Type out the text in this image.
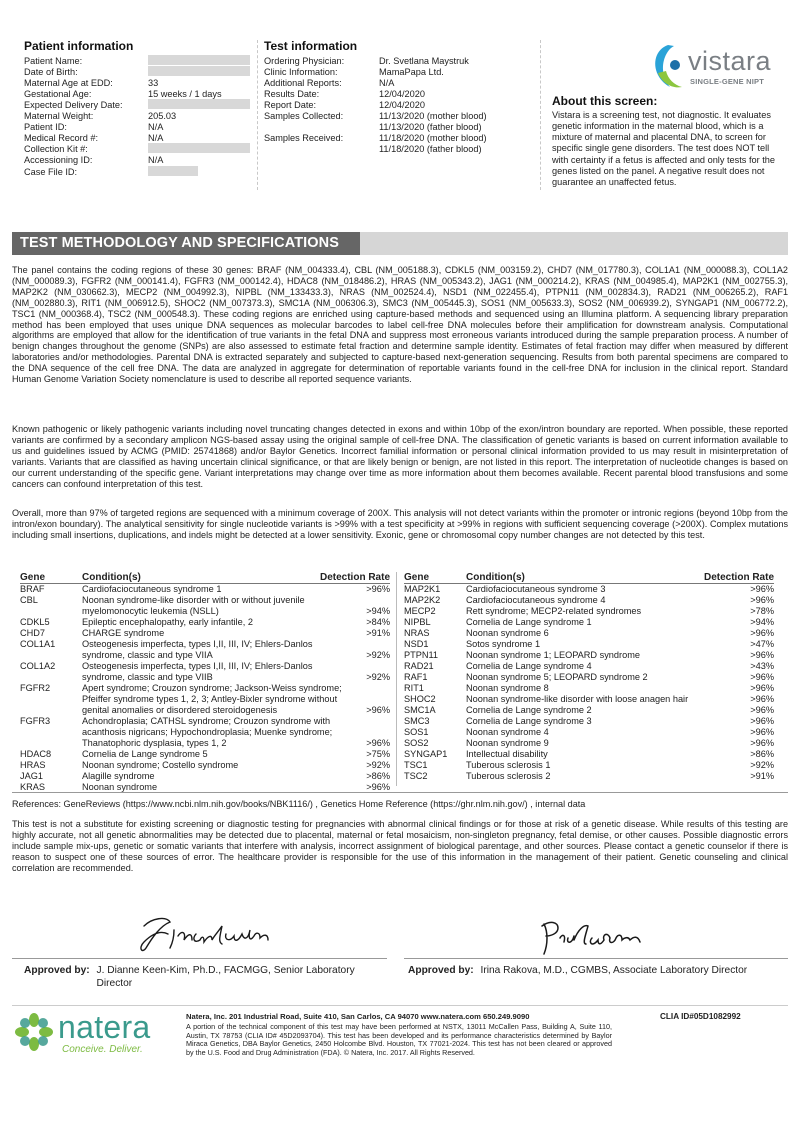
Patient information
Patient Name:
Date of Birth:
Maternal Age at EDD:	33
Gestational Age:	15 weeks / 1 days
Expected Delivery Date:
Maternal Weight:	205.03
Patient ID:	N/A
Medical Record #:	N/A
Collection Kit #:
Accessioning ID:	N/A
Case File ID:
Test information
Ordering Physician:	Dr. Svetlana Maystruk
Clinic Information:	MamaPapa Ltd.
Additional Reports:	N/A
Results Date:	12/04/2020
Report Date:	12/04/2020
Samples Collected:	11/13/2020 (mother blood)
11/13/2020 (father blood)
Samples Received:	11/18/2020 (mother blood)
11/18/2020 (father blood)
vistara
SINGLE-GENE NIPT
About this screen:
Vistara is a screening test, not diagnostic. It evaluates genetic information in the maternal blood, which is a mixture of maternal and placental DNA, to screen for specific single gene disorders. The test does NOT tell with certainty if a fetus is affected and only tests for the genes listed on the panel. A negative result does not guarantee an unaffected fetus.
TEST METHODOLOGY AND SPECIFICATIONS
The panel contains the coding regions of these 30 genes: BRAF (NM_004333.4), CBL (NM_005188.3), CDKL5 (NM_003159.2), CHD7 (NM_017780.3), COL1A1 (NM_000088.3), COL1A2 (NM_000089.3), FGFR2 (NM_000141.4), FGFR3 (NM_000142.4), HDAC8 (NM_018486.2), HRAS (NM_005343.2), JAG1 (NM_000214.2), KRAS (NM_004985.4), MAP2K1 (NM_002755.3), MAP2K2 (NM_030662.3), MECP2 (NM_004992.3), NIPBL (NM_133433.3), NRAS (NM_002524.4), NSD1 (NM_022455.4), PTPN11 (NM_002834.3), RAD21 (NM_006265.2), RAF1 (NM_002880.3), RIT1 (NM_006912.5), SHOC2 (NM_007373.3), SMC1A (NM_006306.3), SMC3 (NM_005445.3), SOS1 (NM_005633.3), SOS2 (NM_006939.2), SYNGAP1 (NM_006772.2), TSC1 (NM_000368.4), TSC2 (NM_000548.3). These coding regions are enriched using capture-based methods and sequenced using an Illumina platform. A sequencing library preparation method has been employed that uses unique DNA sequences as molecular barcodes to label cell-free DNA molecules before their amplification for downstream analysis. Computational algorithms are employed that allow for the identification of true variants in the fetal DNA and suppress most erroneous variants introduced during the sample preparation process. A number of benign changes throughout the genome (SNPs) are also assessed to estimate fetal fraction and determine sample identity. Estimates of fetal fraction may differ when measured by different laboratories and/or methodologies. Parental DNA is extracted separately and subjected to capture-based next-generation sequencing. Results from both parental specimens are compared to the DNA sequence of the cell free DNA. The data are analyzed in aggregate for determination of reportable variants found in the cell-free DNA for inclusion in the clinical report. Standard Human Genome Variation Society nomenclature is used to describe all reported sequence variants.
Known pathogenic or likely pathogenic variants including novel truncating changes detected in exons and within 10bp of the exon/intron boundary are reported. When possible, these reported variants are confirmed by a secondary amplicon NGS-based assay using the original sample of cell-free DNA. The classification of genetic variants is based on current information available to us and guidelines issued by ACMG (PMID: 25741868) and/or Baylor Genetics. Incorrect familial information or personal clinical information provided to us may result in misinterpretation of variants. Variants that are classified as having uncertain clinical significance, or that are likely benign or benign, are not listed in this report. The interpretation of nucleotide changes is based on our current understanding of the specific gene. Variant interpretations may change over time as more information about them becomes available. Recent parental blood transfusions and some cancers can confound interpretation of this test.
Overall, more than 97% of targeted regions are sequenced with a minimum coverage of 200X. This analysis will not detect variants within the promoter or intronic regions (beyond 10bp from the intron/exon boundary). The analytical sensitivity for single nucleotide variants is >99% with a test specificity at >99% in regions with sufficient sequencing coverage (>200X). Complex mutations including small insertions, duplications, and indels might be detected at a lower sensitivity. Exonic, gene or chromosomal copy number changes are not detected by this test.
Gene	Condition(s)	Detection Rate
BRAF	Cardiofaciocutaneous syndrome 1	>96%
CBL	Noonan syndrome-like disorder with or without juvenile myelomonocytic leukemia (NSLL)	>94%
CDKL5	Epileptic encephalopathy, early infantile, 2	>84%
CHD7	CHARGE syndrome	>91%
COL1A1	Osteogenesis imperfecta, types I,II, III, IV; Ehlers-Danlos syndrome, classic and type VIIA	>92%
COL1A2	Osteogenesis imperfecta, types I,II, III, IV; Ehlers-Danlos syndrome, classic and type VIIB	>92%
FGFR2	Apert syndrome; Crouzon syndrome; Jackson-Weiss syndrome; Pfeiffer syndrome types 1, 2, 3; Antley-Bixler syndrome without genital anomalies or disordered steroidogenesis	>96%
FGFR3	Achondroplasia; CATHSL syndrome; Crouzon syndrome with acanthosis nigricans; Hypochondroplasia; Muenke syndrome; Thanatophoric dysplasia, types 1, 2	>96%
HDAC8	Cornelia de Lange syndrome 5	>75%
HRAS	Noonan syndrome; Costello syndrome	>92%
JAG1	Alagille syndrome	>86%
KRAS	Noonan syndrome	>96%
Gene	Condition(s)	Detection Rate
MAP2K1	Cardiofaciocutaneous syndrome 3	>96%
MAP2K2	Cardiofaciocutaneous syndrome 4	>96%
MECP2	Rett syndrome; MECP2-related syndromes	>78%
NIPBL	Cornelia de Lange syndrome 1	>94%
NRAS	Noonan syndrome 6	>96%
NSD1	Sotos syndrome 1	>47%
PTPN11	Noonan syndrome 1; LEOPARD syndrome	>96%
RAD21	Cornelia de Lange syndrome 4	>43%
RAF1	Noonan syndrome 5; LEOPARD syndrome 2	>96%
RIT1	Noonan syndrome 8	>96%
SHOC2	Noonan syndrome-like disorder with loose anagen hair	>96%
SMC1A	Cornelia de Lange syndrome 2	>96%
SMC3	Cornelia de Lange syndrome 3	>96%
SOS1	Noonan syndrome 4	>96%
SOS2	Noonan syndrome 9	>96%
SYNGAP1	Intellectual disability	>86%
TSC1	Tuberous sclerosis 1	>92%
TSC2	Tuberous sclerosis 2	>91%
References: GeneReviews (https://www.ncbi.nlm.nih.gov/books/NBK1116/) , Genetics Home Reference (https://ghr.nlm.nih.gov/) , internal data
This test is not a substitute for existing screening or diagnostic testing for pregnancies with abnormal clinical findings or for those at risk of a genetic disease. While results of this testing are highly accurate, not all genetic abnormalities may be detected due to placental, maternal or fetal mosaicism, non-singleton pregnancy, fetal demise, or other causes. Possible diagnostic errors include sample mix-ups, genetic or somatic variants that interfere with analysis, incorrect assignment of biological parentage, and other sources. Please contact a genetic counselor if there is reason to suspect one of these sources of error. The healthcare provider is responsible for the use of this information in the management of their patient. Genetic counseling and clinical correlation are recommended.
Approved by: J. Dianne Keen-Kim, Ph.D., FACMGG, Senior Laboratory Director
Approved by: Irina Rakova, M.D., CGMBS, Associate Laboratory Director
natera
Conceive. Deliver.
Natera, Inc. 201 Industrial Road, Suite 410, San Carlos, CA 94070 www.natera.com 650.249.9090
A portion of the technical component of this test may have been performed at NSTX, 13011 McCallen Pass, Building A, Suite 110, Austin, TX 78753 (CLIA ID# 45D2093704). This test has been developed and its performance characteristics determined by Baylor Miraca Genetics, DBA Baylor Genetics, 2450 Holcombe Blvd. Houston, TX 77021-2024. This test has not been cleared or approved by the U.S. Food and Drug Administration (FDA). © Natera, Inc. 2017. All Rights Reserved.
CLIA ID#05D1082992
